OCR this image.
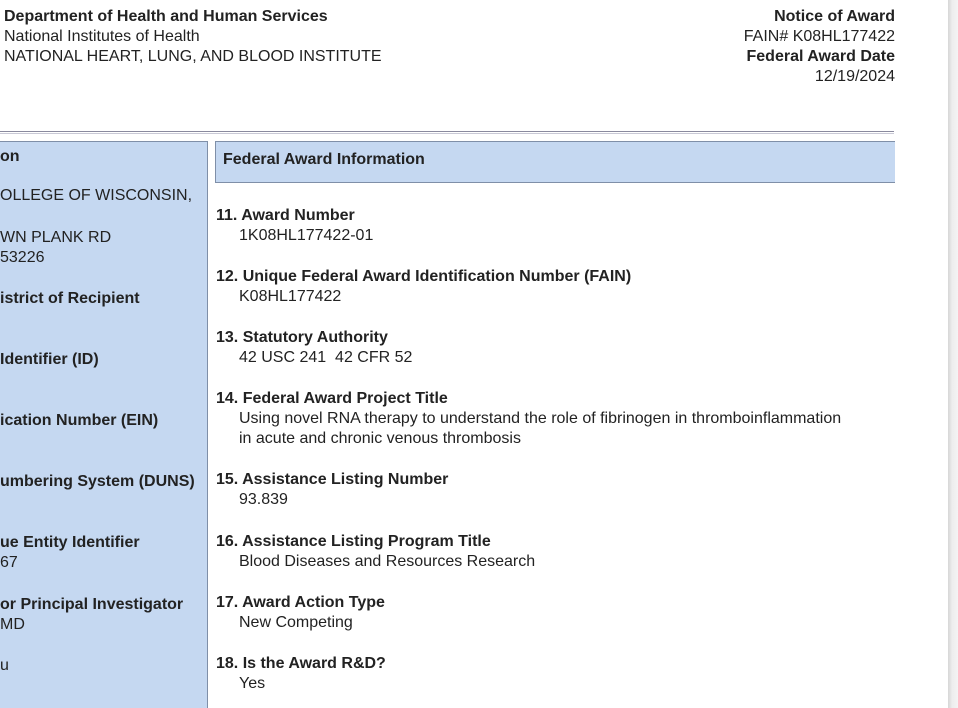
Department of Health and Human Services
National Institutes of Health
NATIONAL HEART, LUNG, AND BLOOD INSTITUTE
Notice of Award
FAIN# K08HL177422
Federal Award Date
12/19/2024
on
OLLEGE OF WISCONSIN,
WN PLANK RD
53226
istrict of Recipient
Identifier (ID)
ication Number (EIN)
umbering System (DUNS)
ue Entity Identifier
67
or Principal Investigator
MD
u
Federal Award Information
11. Award Number
1K08HL177422-01
12. Unique Federal Award Identification Number (FAIN)
K08HL177422
13. Statutory Authority
42 USC 241  42 CFR 52
14. Federal Award Project Title
Using novel RNA therapy to understand the role of fibrinogen in thromboinflammation
in acute and chronic venous thrombosis
15. Assistance Listing Number
93.839
16. Assistance Listing Program Title
Blood Diseases and Resources Research
17. Award Action Type
New Competing
18. Is the Award R&D?
Yes
